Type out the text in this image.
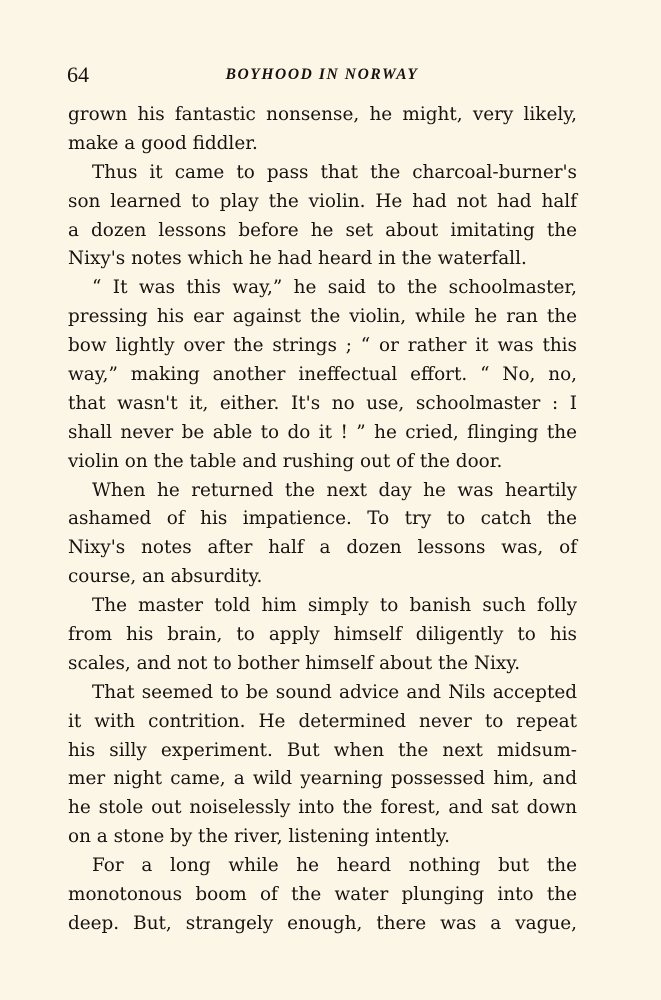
64	BOYHOOD IN NORWAY
grown his fantastic nonsense, he might, very likely,
make a good fiddler.
Thus it came to pass that the charcoal-burner's
son learned to play the violin. He had not had half
a dozen lessons before he set about imitating the
Nixy's notes which he had heard in the waterfall.
“ It was this way,” he said to the schoolmaster,
pressing his ear against the violin, while he ran the
bow lightly over the strings ; “ or rather it was this
way,” making another ineffectual effort. “ No, no,
that wasn't it, either. It's no use, schoolmaster : I
shall never be able to do it ! ” he cried, flinging the
violin on the table and rushing out of the door.
When he returned the next day he was heartily
ashamed of his impatience. To try to catch the
Nixy's notes after half a dozen lessons was, of
course, an absurdity.
The master told him simply to banish such folly
from his brain, to apply himself diligently to his
scales, and not to bother himself about the Nixy.
That seemed to be sound advice and Nils accepted
it with contrition. He determined never to repeat
his silly experiment. But when the next midsum-
mer night came, a wild yearning possessed him, and
he stole out noiselessly into the forest, and sat down
on a stone by the river, listening intently.
For a long while he heard nothing but the
monotonous boom of the water plunging into the
deep. But, strangely enough, there was a vague,
